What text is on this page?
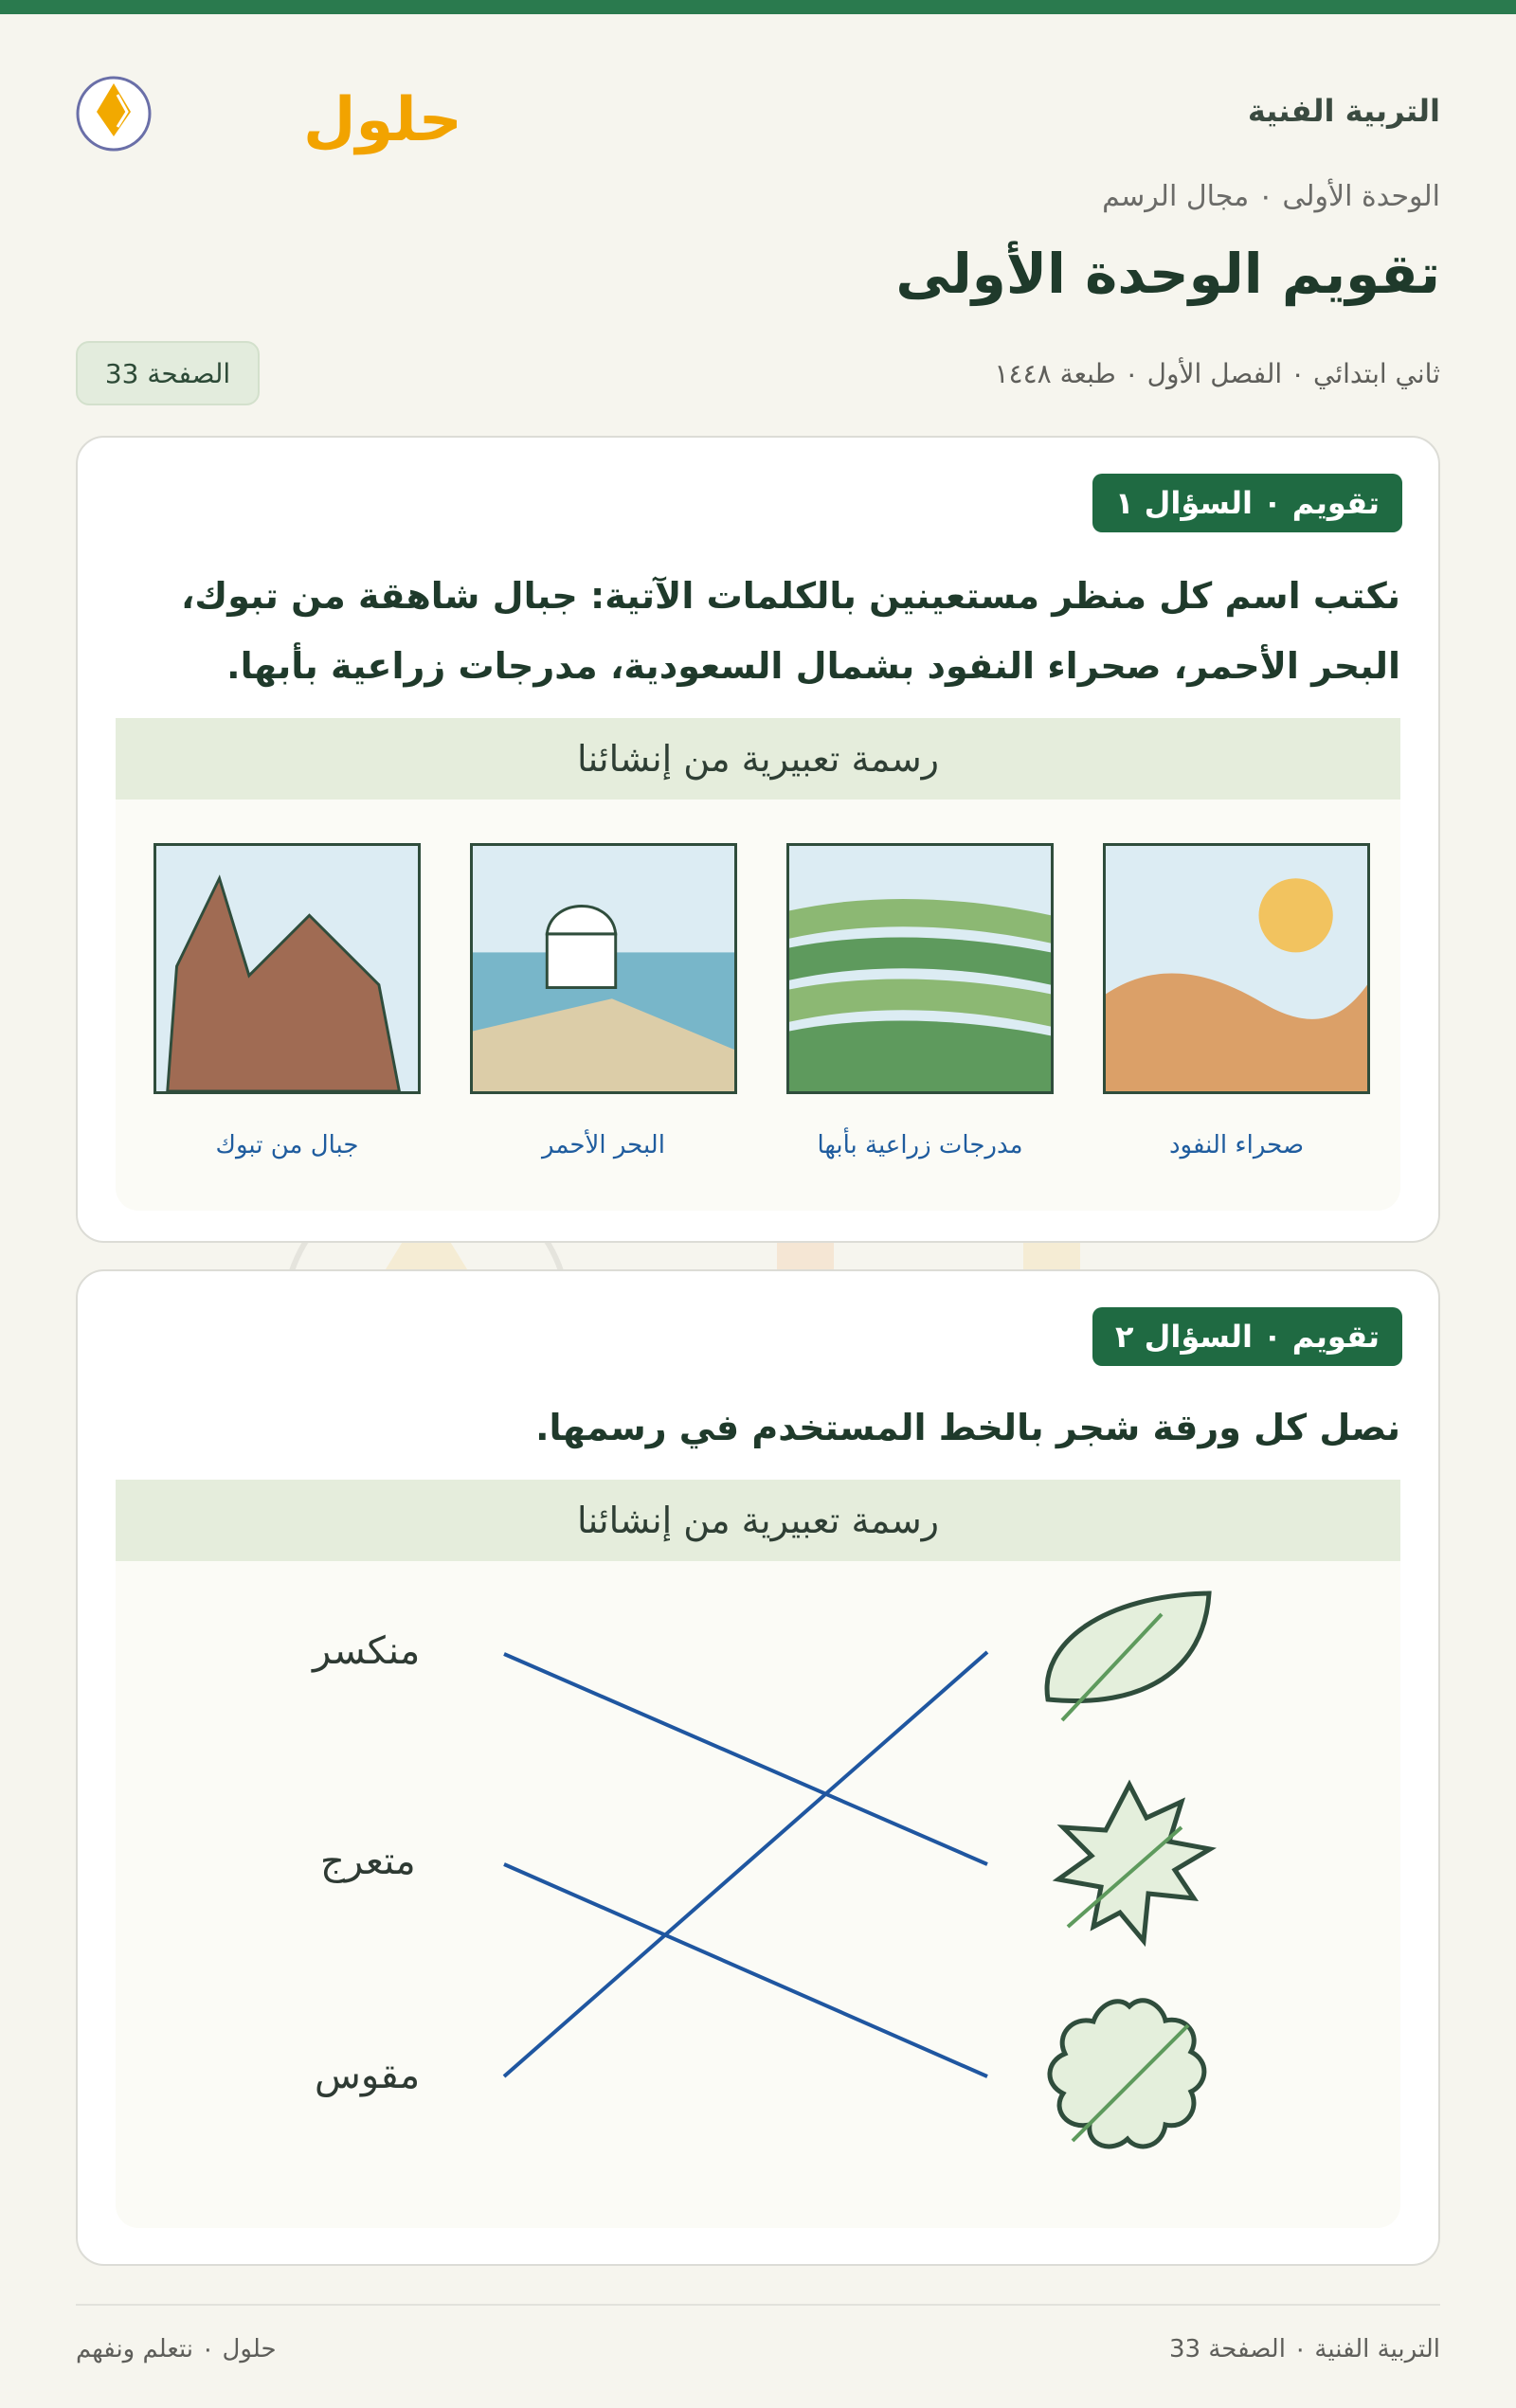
التربية الفنية
حلول
الوحدة الأولى ٠ مجال الرسم
تقويم الوحدة الأولى
ثاني ابتدائي ٠ الفصل الأول ٠ طبعة ١٤٤٨
الصفحة 33
تقويم ٠ السؤال ١
نكتب اسم كل منظر مستعينين بالكلمات الآتية: جبال شاهقة من تبوك،
البحر الأحمر، صحراء النفود بشمال السعودية، مدرجات زراعية بأبها.
رسمة تعبيرية من إنشائنا
صحراء النفود
مدرجات زراعية بأبها
البحر الأحمر
جبال من تبوك
تقويم ٠ السؤال ٢
نصل كل ورقة شجر بالخط المستخدم في رسمها.
رسمة تعبيرية من إنشائنا
منكسر
متعرج
مقوس
التربية الفنية ٠ الصفحة 33
حلول ٠ نتعلم ونفهم
